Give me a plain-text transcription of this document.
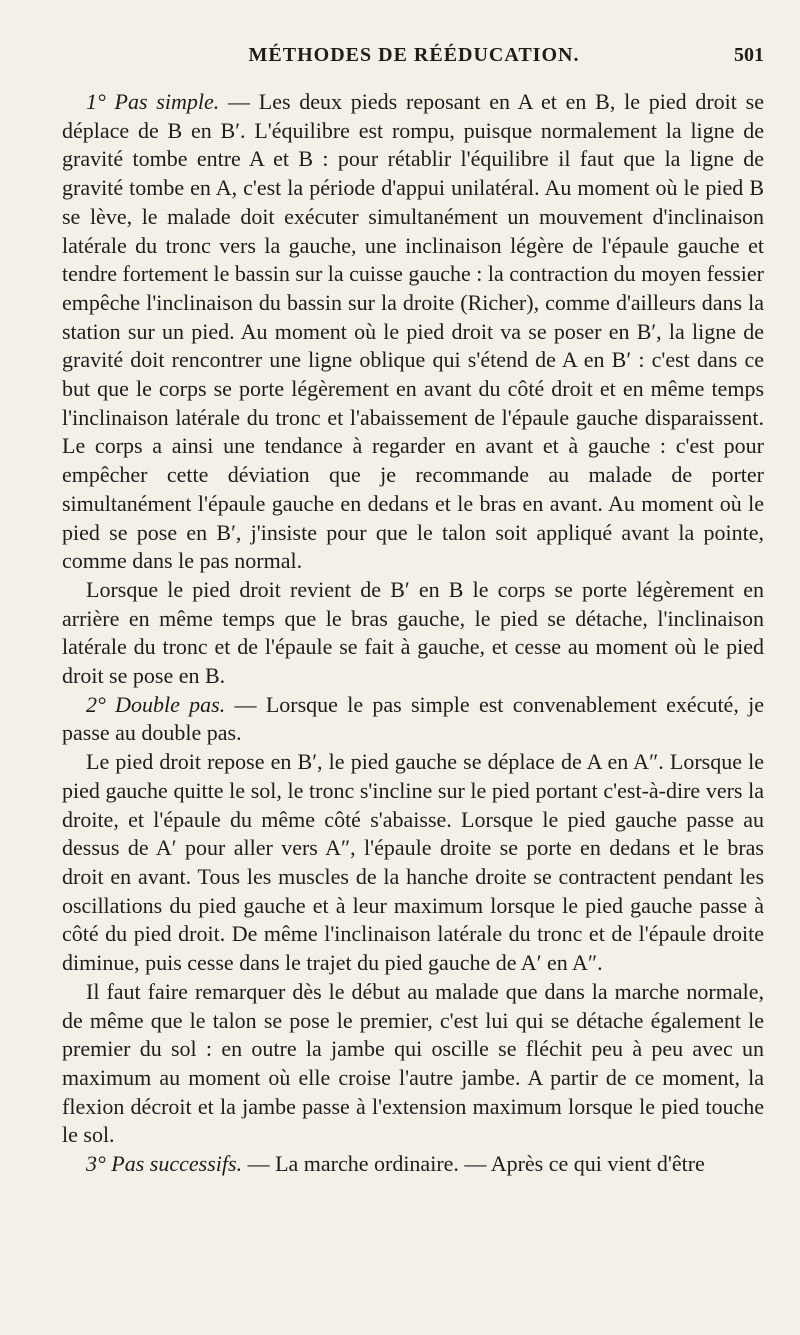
MÉTHODES DE RÉÉDUCATION.	501

1° Pas simple. — Les deux pieds reposant en A et en B, le pied droit se déplace de B en B′. L'équilibre est rompu, puisque normalement la ligne de gravité tombe entre A et B : pour rétablir l'équilibre il faut que la ligne de gravité tombe en A, c'est la période d'appui unilatéral. Au moment où le pied B se lève, le malade doit exécuter simultanément un mouvement d'inclinaison latérale du tronc vers la gauche, une inclinaison légère de l'épaule gauche et tendre fortement le bassin sur la cuisse gauche : la contraction du moyen fessier empêche l'inclinaison du bassin sur la droite (Richer), comme d'ailleurs dans la station sur un pied. Au moment où le pied droit va se poser en B′, la ligne de gravité doit rencontrer une ligne oblique qui s'étend de A en B′ : c'est dans ce but que le corps se porte légèrement en avant du côté droit et en même temps l'inclinaison latérale du tronc et l'abaissement de l'épaule gauche disparaissent. Le corps a ainsi une tendance à regarder en avant et à gauche : c'est pour empêcher cette déviation que je recommande au malade de porter simultanément l'épaule gauche en dedans et le bras en avant. Au moment où le pied se pose en B′, j'insiste pour que le talon soit appliqué avant la pointe, comme dans le pas normal.

Lorsque le pied droit revient de B′ en B le corps se porte légèrement en arrière en même temps que le bras gauche, le pied se détache, l'inclinaison latérale du tronc et de l'épaule se fait à gauche, et cesse au moment où le pied droit se pose en B.

2° Double pas. — Lorsque le pas simple est convenablement exécuté, je passe au double pas.

Le pied droit repose en B′, le pied gauche se déplace de A en A″. Lorsque le pied gauche quitte le sol, le tronc s'incline sur le pied portant c'est-à-dire vers la droite, et l'épaule du même côté s'abaisse. Lorsque le pied gauche passe au dessus de A′ pour aller vers A″, l'épaule droite se porte en dedans et le bras droit en avant. Tous les muscles de la hanche droite se contractent pendant les oscillations du pied gauche et à leur maximum lorsque le pied gauche passe à côté du pied droit. De même l'inclinaison latérale du tronc et de l'épaule droite diminue, puis cesse dans le trajet du pied gauche de A′ en A″.

Il faut faire remarquer dès le début au malade que dans la marche normale, de même que le talon se pose le premier, c'est lui qui se détache également le premier du sol : en outre la jambe qui oscille se fléchit peu à peu avec un maximum au moment où elle croise l'autre jambe. A partir de ce moment, la flexion décroit et la jambe passe à l'extension maximum lorsque le pied touche le sol.

3° Pas successifs. — La marche ordinaire. — Après ce qui vient d'être
